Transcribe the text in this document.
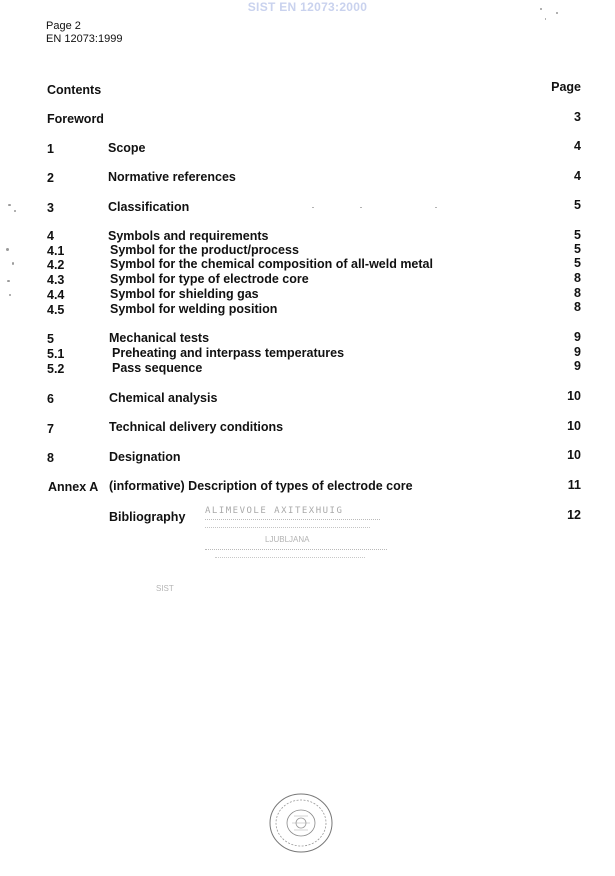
SIST EN 12073:2000
Page 2
EN 12073:1999
Contents	Page
Foreword	3
1	Scope	4
2	Normative references	4
3	Classification	5
4	Symbols and requirements	5
4.1	Symbol for the product/process	5
4.2	Symbol for the chemical composition of all-weld metal	5
4.3	Symbol for type of electrode core	8
4.4	Symbol for shielding gas	8
4.5	Symbol for welding position	8
5	Mechanical tests	9
5.1	Preheating and interpass temperatures	9
5.2	Pass sequence	9
6	Chemical analysis	10
7	Technical delivery conditions	10
8	Designation	10
Annex A (informative) Description of types of electrode core	11
Bibliography	12
ALIMEVOLE AXITEXHUIG
LJUBLJANA
SIST
